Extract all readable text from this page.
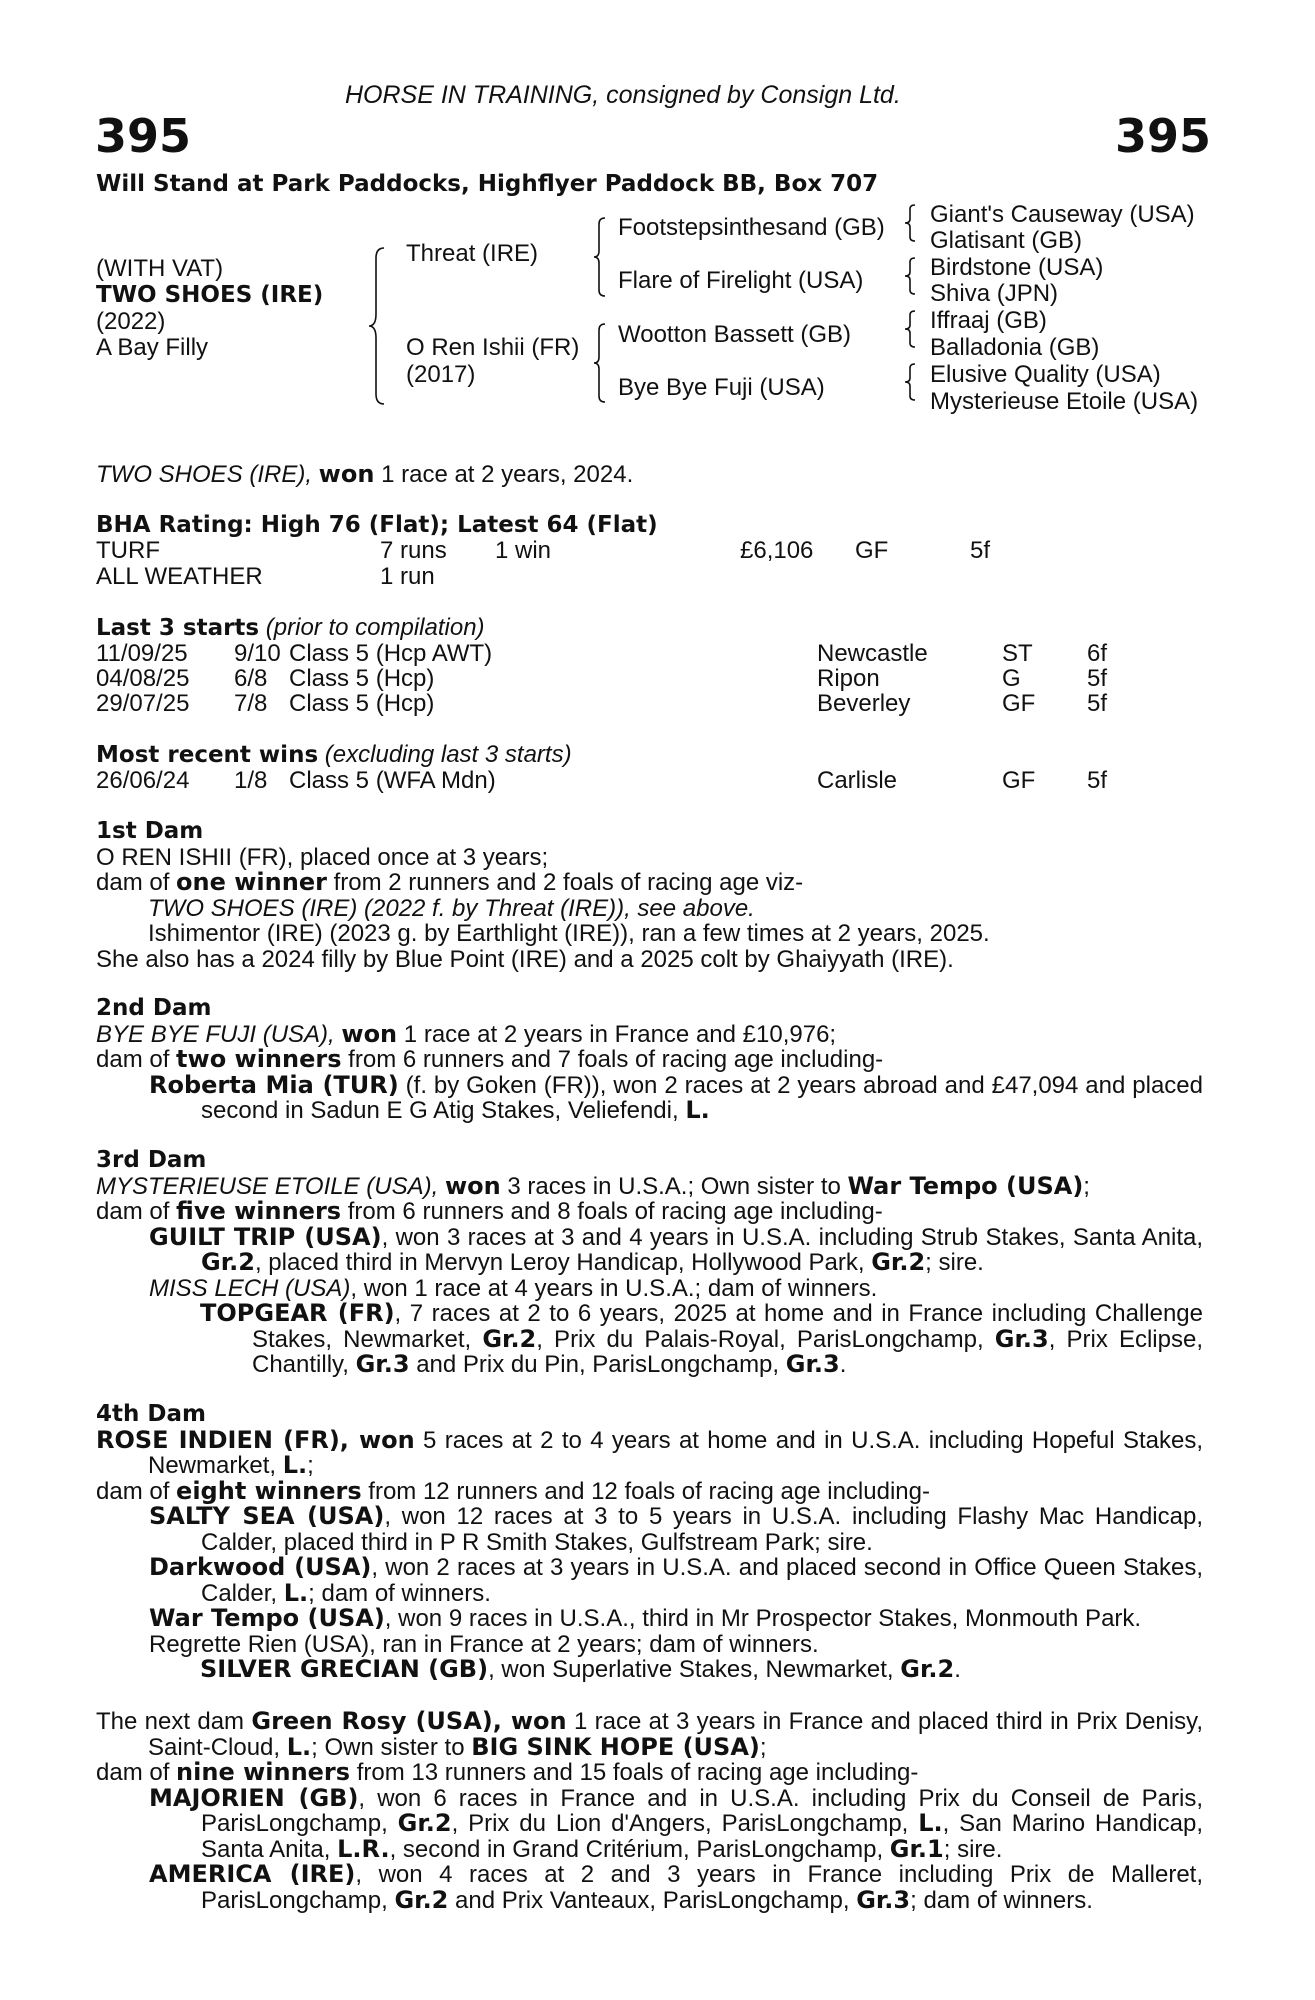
HORSE IN TRAINING, consigned by Consign Ltd.
395	395
Will Stand at Park Paddocks, Highflyer Paddock BB, Box 707
(WITH VAT)
TWO SHOES (IRE)
(2022)
A Bay Filly
Threat (IRE)
O Ren Ishii (FR)
(2017)
Footstepsinthesand (GB)
Flare of Firelight (USA)
Wootton Bassett (GB)
Bye Bye Fuji (USA)
Giant's Causeway (USA)
Glatisant (GB)
Birdstone (USA)
Shiva (JPN)
Iffraaj (GB)
Balladonia (GB)
Elusive Quality (USA)
Mysterieuse Etoile (USA)
TWO SHOES (IRE), won 1 race at 2 years, 2024.
BHA Rating: High 76 (Flat); Latest 64 (Flat)
TURF	7 runs 1 win	£6,106 GF	5f
ALL WEATHER	1 run
Last 3 starts (prior to compilation)
11/09/25 9/10 Class 5 (Hcp AWT)	Newcastle	ST 6f
04/08/25 6/8 Class 5 (Hcp)	Ripon	G	5f
29/07/25 7/8 Class 5 (Hcp)	Beverley	GF 5f
Most recent wins (excluding last 3 starts)
26/06/24 1/8 Class 5 (WFA Mdn)	Carlisle	GF 5f

1st Dam

O REN ISHII (FR), placed once at 3 years;

dam of one winner from 2 runners and 2 foals of racing age viz-

TWO SHOES (IRE) (2022 f. by Threat (IRE)), see above.

Ishimentor (IRE) (2023 g. by Earthlight (IRE)), ran a few times at 2 years, 2025.

She also has a 2024 filly by Blue Point (IRE) and a 2025 colt by Ghaiyyath (IRE).

2nd Dam

BYE BYE FUJI (USA), won 1 race at 2 years in France and £10,976;

dam of two winners from 6 runners and 7 foals of racing age including-

Roberta Mia (TUR) (f. by Goken (FR)), won 2 races at 2 years abroad and £47,094 and placed second in Sadun E G Atig Stakes, Veliefendi, L.

3rd Dam

MYSTERIEUSE ETOILE (USA), won 3 races in U.S.A.; Own sister to War Tempo (USA);

dam of five winners from 6 runners and 8 foals of racing age including-

GUILT TRIP (USA), won 3 races at 3 and 4 years in U.S.A. including Strub Stakes, Santa Anita, Gr.2, placed third in Mervyn Leroy Handicap, Hollywood Park, Gr.2; sire.

MISS LECH (USA), won 1 race at 4 years in U.S.A.; dam of winners.

TOPGEAR (FR), 7 races at 2 to 6 years, 2025 at home and in France including Challenge Stakes, Newmarket, Gr.2, Prix du Palais-Royal, ParisLongchamp, Gr.3, Prix Eclipse, Chantilly, Gr.3 and Prix du Pin, ParisLongchamp, Gr.3.

4th Dam

ROSE INDIEN (FR), won 5 races at 2 to 4 years at home and in U.S.A. including Hopeful Stakes, Newmarket, L.;

dam of eight winners from 12 runners and 12 foals of racing age including-

SALTY SEA (USA), won 12 races at 3 to 5 years in U.S.A. including Flashy Mac Handicap, Calder, placed third in P R Smith Stakes, Gulfstream Park; sire.

Darkwood (USA), won 2 races at 3 years in U.S.A. and placed second in Office Queen Stakes, Calder, L.; dam of winners.

War Tempo (USA), won 9 races in U.S.A., third in Mr Prospector Stakes, Monmouth Park.

Regrette Rien (USA), ran in France at 2 years; dam of winners.

SILVER GRECIAN (GB), won Superlative Stakes, Newmarket, Gr.2.

The next dam Green Rosy (USA), won 1 race at 3 years in France and placed third in Prix Denisy, Saint-Cloud, L.; Own sister to BIG SINK HOPE (USA);

dam of nine winners from 13 runners and 15 foals of racing age including-

MAJORIEN (GB), won 6 races in France and in U.S.A. including Prix du Conseil de Paris, ParisLongchamp, Gr.2, Prix du Lion d'Angers, ParisLongchamp, L., San Marino Handicap, Santa Anita, L.R., second in Grand Critérium, ParisLongchamp, Gr.1; sire.

AMERICA (IRE), won 4 races at 2 and 3 years in France including Prix de Malleret, ParisLongchamp, Gr.2 and Prix Vanteaux, ParisLongchamp, Gr.3; dam of winners.
